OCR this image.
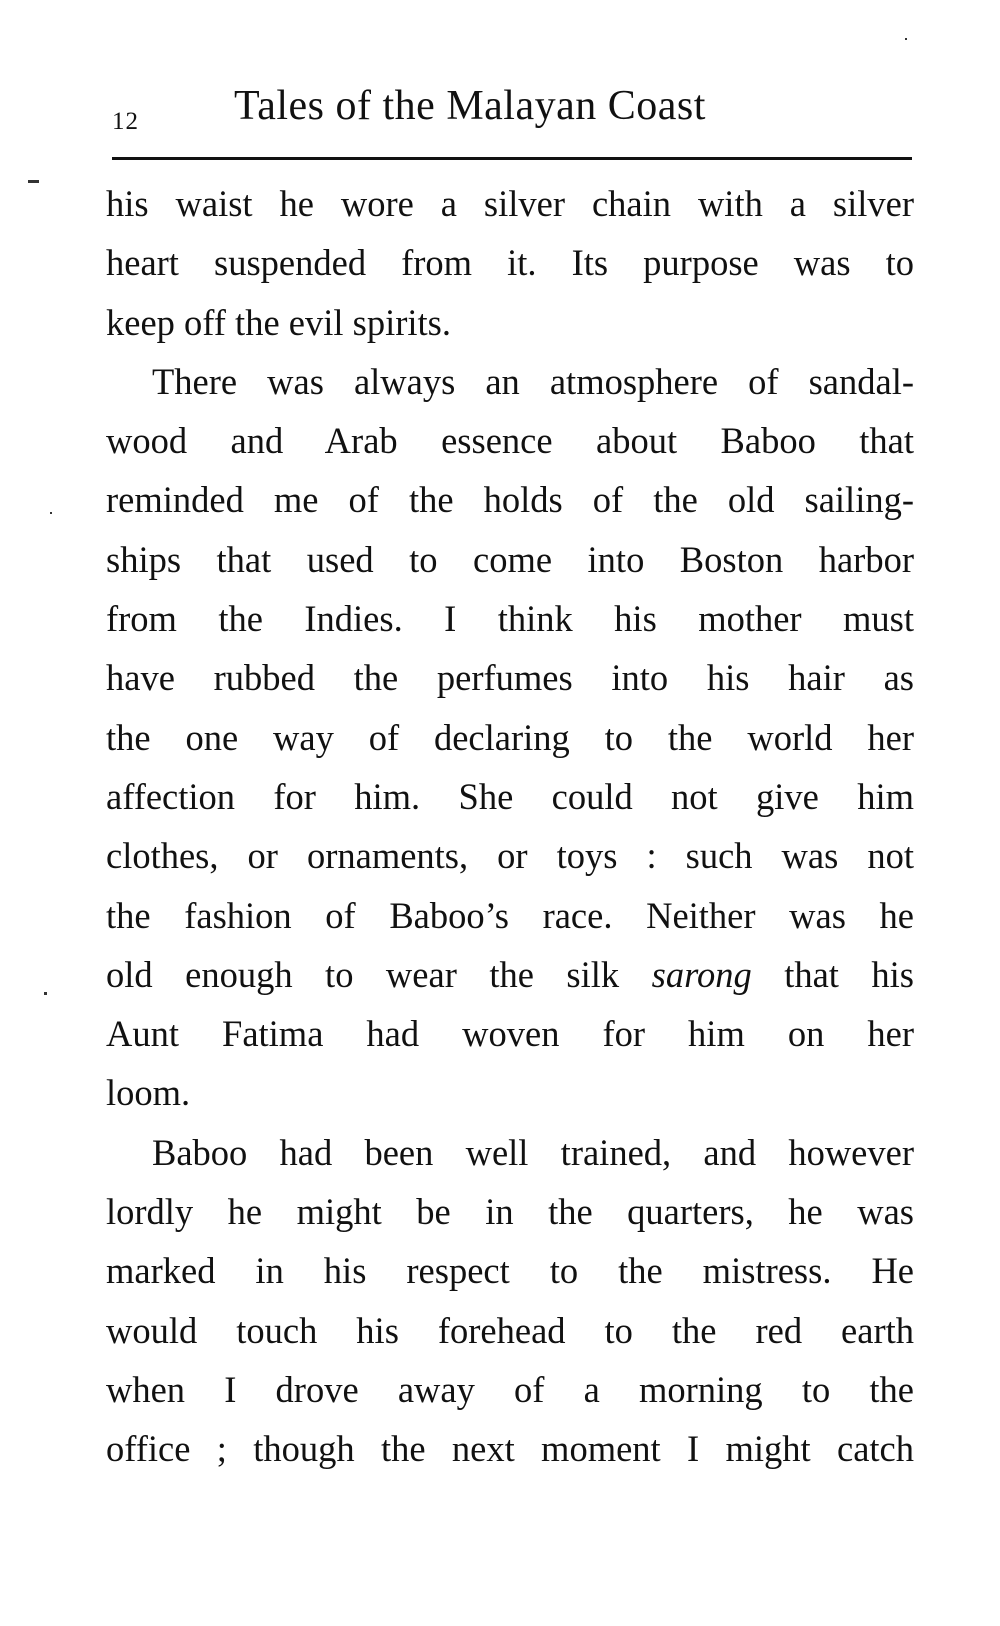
12 Tales of the Malayan Coast
his waist he wore a silver chain with a silver
heart suspended from it. Its purpose was to
keep off the evil spirits.
There was always an atmosphere of sandal-
wood and Arab essence about Baboo that
reminded me of the holds of the old sailing-
ships that used to come into Boston harbor
from the Indies. I think his mother must
have rubbed the perfumes into his hair as
the one way of declaring to the world her
affection for him. She could not give him
clothes, or ornaments, or toys : such was not
the fashion of Baboo’s race. Neither was he
old enough to wear the silk sarong that his
Aunt Fatima had woven for him on her
loom.
Baboo had been well trained, and however
lordly he might be in the quarters, he was
marked in his respect to the mistress. He
would touch his forehead to the red earth
when I drove away of a morning to the
office ; though the next moment I might catch
